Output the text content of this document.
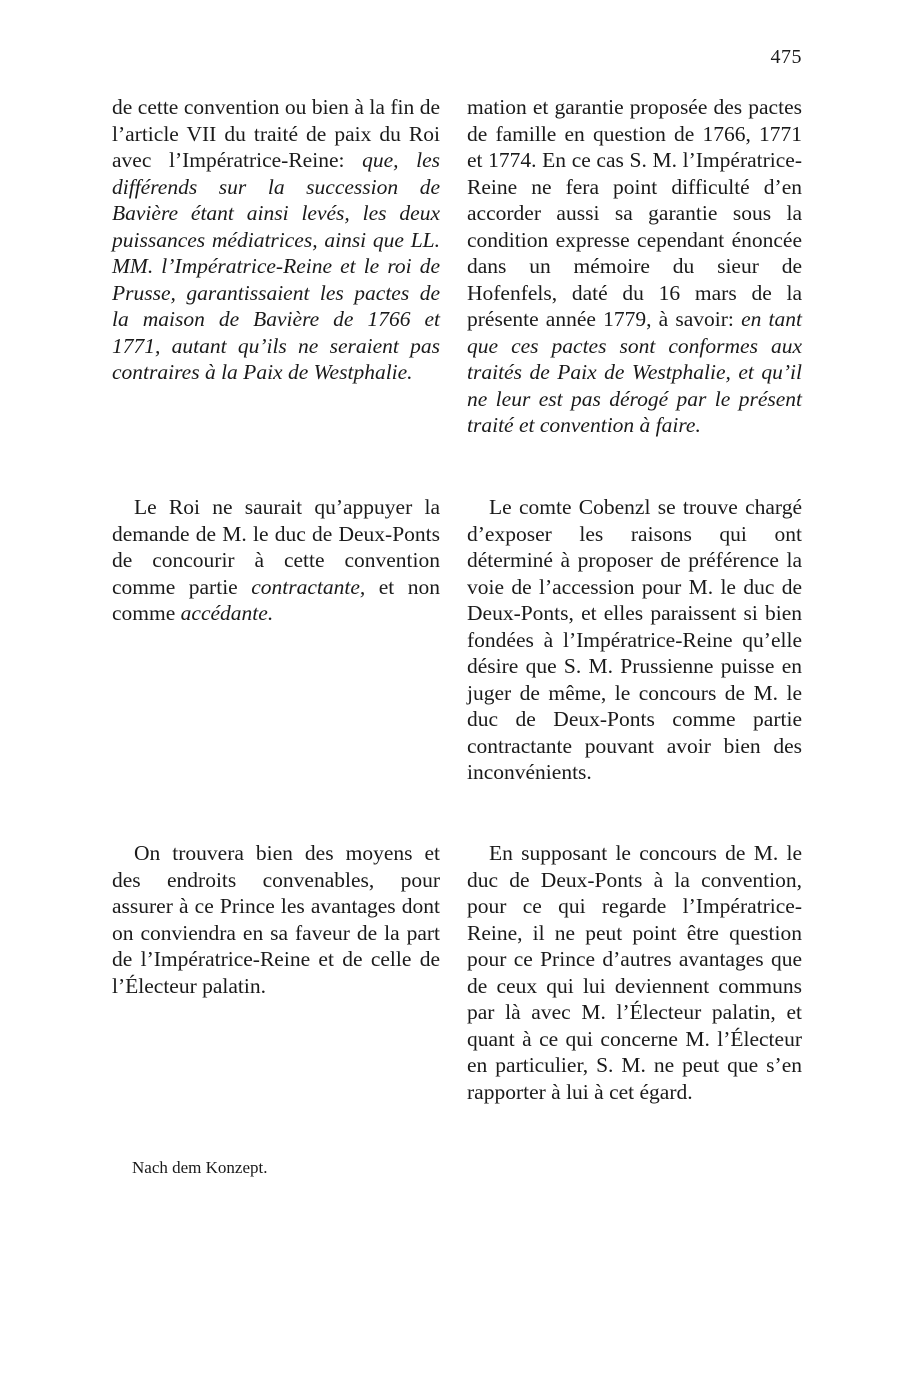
475

de cette convention ou bien à la fin de l’article VII du traité de paix du Roi avec l’Impératrice-Reine: que, les différends sur la succession de Bavière étant ainsi levés, les deux puissances médiatrices, ainsi que LL. MM. l’Impératrice-Reine et le roi de Prusse, garantissaient les pactes de la maison de Bavière de 1766 et 1771, autant qu’ils ne seraient pas contraires à la Paix de Westphalie.

mation et garantie proposée des pactes de famille en question de 1766, 1771 et 1774. En ce cas S. M. l’Impératrice-Reine ne fera point difficulté d’en accorder aussi sa garantie sous la condition expresse cependant énoncée dans un mémoire du sieur de Hofenfels, daté du 16 mars de la présente année 1779, à savoir: en tant que ces pactes sont conformes aux traités de Paix de Westphalie, et qu’il ne leur est pas dérogé par le présent traité et convention à faire.

Le Roi ne saurait qu’appuyer la demande de M. le duc de Deux-Ponts de concourir à cette convention comme partie contractante, et non comme accédante.

Le comte Cobenzl se trouve chargé d’exposer les raisons qui ont déterminé à proposer de préférence la voie de l’accession pour M. le duc de Deux-Ponts, et elles paraissent si bien fondées à l’Impératrice-Reine qu’elle désire que S. M. Prussienne puisse en juger de même, le concours de M. le duc de Deux-Ponts comme partie contractante pouvant avoir bien des inconvénients.

On trouvera bien des moyens et des endroits convenables, pour assurer à ce Prince les avantages dont on conviendra en sa faveur de la part de l’Impératrice-Reine et de celle de l’Électeur palatin.

En supposant le concours de M. le duc de Deux-Ponts à la convention, pour ce qui regarde l’Impératrice-Reine, il ne peut point être question pour ce Prince d’autres avantages que de ceux qui lui deviennent communs par là avec M. l’Électeur palatin, et quant à ce qui concerne M. l’Électeur en particulier, S. M. ne peut que s’en rapporter à lui à cet égard.

Nach dem Konzept.
